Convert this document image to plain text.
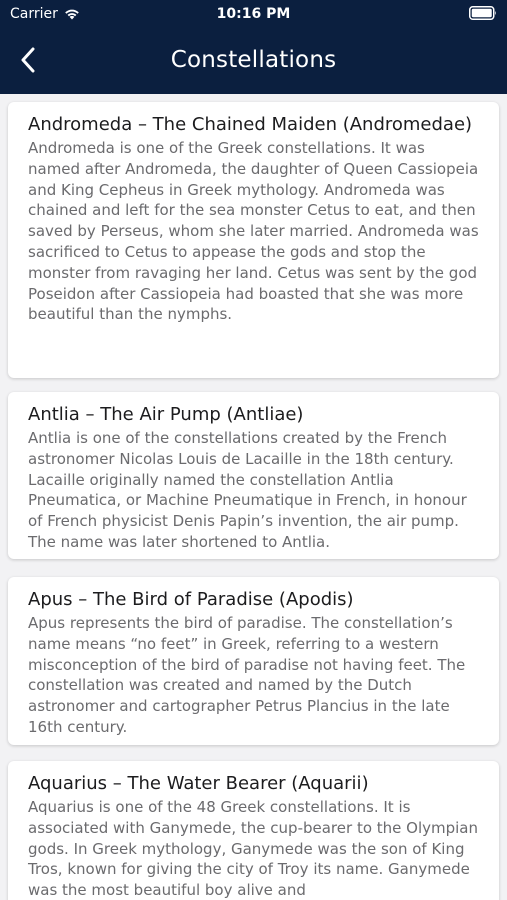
Carrier	10:16 PM
Constellations
Andromeda – The Chained Maiden (Andromedae)
Andromeda is one of the Greek constellations. It was named after Andromeda, the daughter of Queen Cassiopeia and King Cepheus in Greek mythology. Andromeda was chained and left for the sea monster Cetus to eat, and then saved by Perseus, whom she later married. Andromeda was sacrificed to Cetus to appease the gods and stop the monster from ravaging her land. Cetus was sent by the god Poseidon after Cassiopeia had boasted that she was more beautiful than the nymphs.
Antlia – The Air Pump (Antliae)
Antlia is one of the constellations created by the French astronomer Nicolas Louis de Lacaille in the 18th century. Lacaille originally named the constellation Antlia Pneumatica, or Machine Pneumatique in French, in honour of French physicist Denis Papin’s invention, the air pump. The name was later shortened to Antlia.
Apus – The Bird of Paradise (Apodis)
Apus represents the bird of paradise. The constellation’s name means “no feet” in Greek, referring to a western misconception of the bird of paradise not having feet. The constellation was created and named by the Dutch astronomer and cartographer Petrus Plancius in the late 16th century.
Aquarius – The Water Bearer (Aquarii)
Aquarius is one of the 48 Greek constellations. It is associated with Ganymede, the cup-bearer to the Olympian gods. In Greek mythology, Ganymede was the son of King Tros, known for giving the city of Troy its name. Ganymede was the most beautiful boy alive and
